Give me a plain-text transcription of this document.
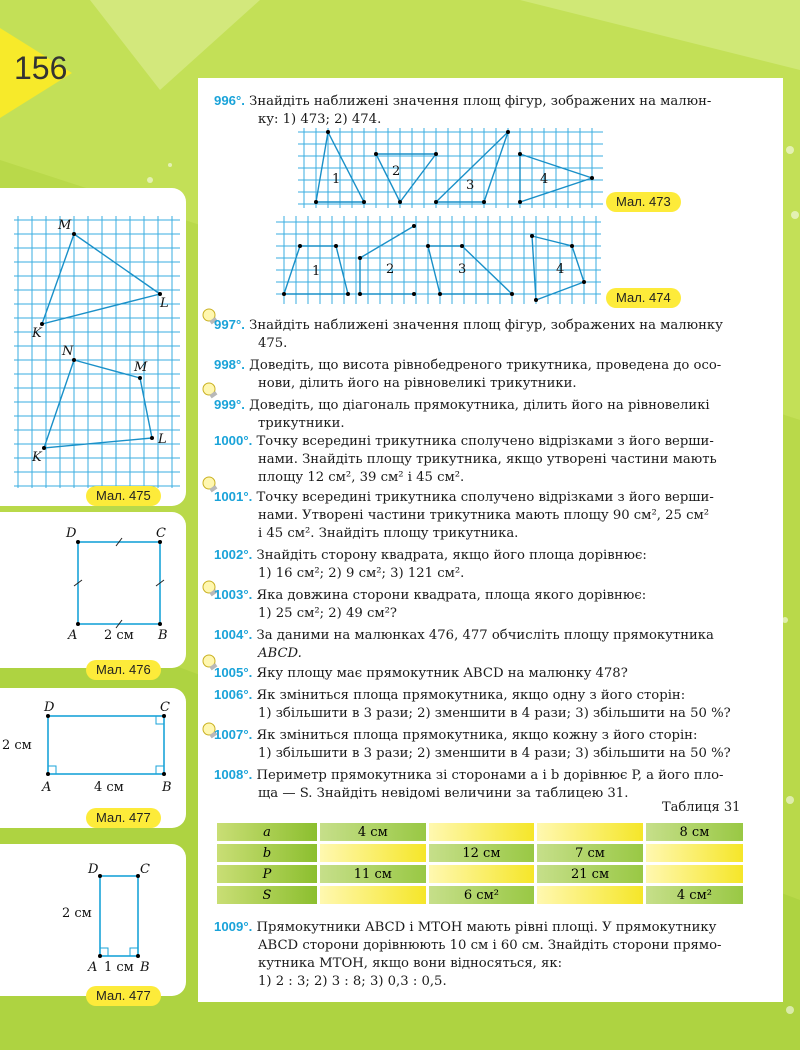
156
M
L
K
N
M
L
K
Мал. 475
D	C
A	B
2 см
Мал. 476
D	C
A	B
2 см
4 см
Мал. 477
D	C
A	B
2 см
1 см
Мал. 477
1
2
3	4
Мал. 473
1	2	3	4
Мал. 474

996°. Знайдіть наближені значення площ фігур, зображених на малюн-

ку: 1) 473; 2) 474.

997°. Знайдіть наближені значення площ фігур, зображених на малюнку

475.

998°. Доведіть, що висота рівнобедреного трикутника, проведена до осо-

нови, ділить його на рівновеликі трикутники.

999°. Доведіть, що діагональ прямокутника, ділить його на рівновеликі

трикутники.

1000°. Точку всередині трикутника сполучено відрізками з його верши-

нами. Знайдіть площу трикутника, якщо утворені частини мають

площу 12 см², 39 см² і 45 см².

1001°. Точку всередині трикутника сполучено відрізками з його верши-

нами. Утворені частини трикутника мають площу 90 см², 25 см²

і 45 см². Знайдіть площу трикутника.

1002°. Знайдіть сторону квадрата, якщо його площа дорівнює:

1) 16 см²; 2) 9 см²; 3) 121 см².

1003°. Яка довжина сторони квадрата, площа якого дорівнює:

1) 25 см²; 2) 49 см²?

1004°. За даними на малюнках 476, 477 обчисліть площу прямокутника

ABCD.

1005°. Яку площу має прямокутник ABCD на малюнку 478?

1006°. Як зміниться площа прямокутника, якщо одну з його сторін:

1) збільшити в 3 рази; 2) зменшити в 4 рази; 3) збільшити на 50 %?

1007°. Як зміниться площа прямокутника, якщо кожну з його сторін:

1) збільшити в 3 рази; 2) зменшити в 4 рази; 3) збільшити на 50 %?

1008°. Периметр прямокутника зі сторонами a і b дорівнює P, а його пло-

ща — S. Знайдіть невідомі величини за таблицею 31.

Таблиця 31
a	4 см			8 см
b		12 см	7 см	
P	11 см		21 см	
S		6 см²		4 см²

1009°. Прямокутники ABCD і MTOH мають рівні площі. У прямокутнику

ABCD сторони дорівнюють 10 см і 60 см. Знайдіть сторони прямо-

кутника MTOH, якщо вони відносяться, як:

1) 2 : 3; 2) 3 : 8; 3) 0,3 : 0,5.
